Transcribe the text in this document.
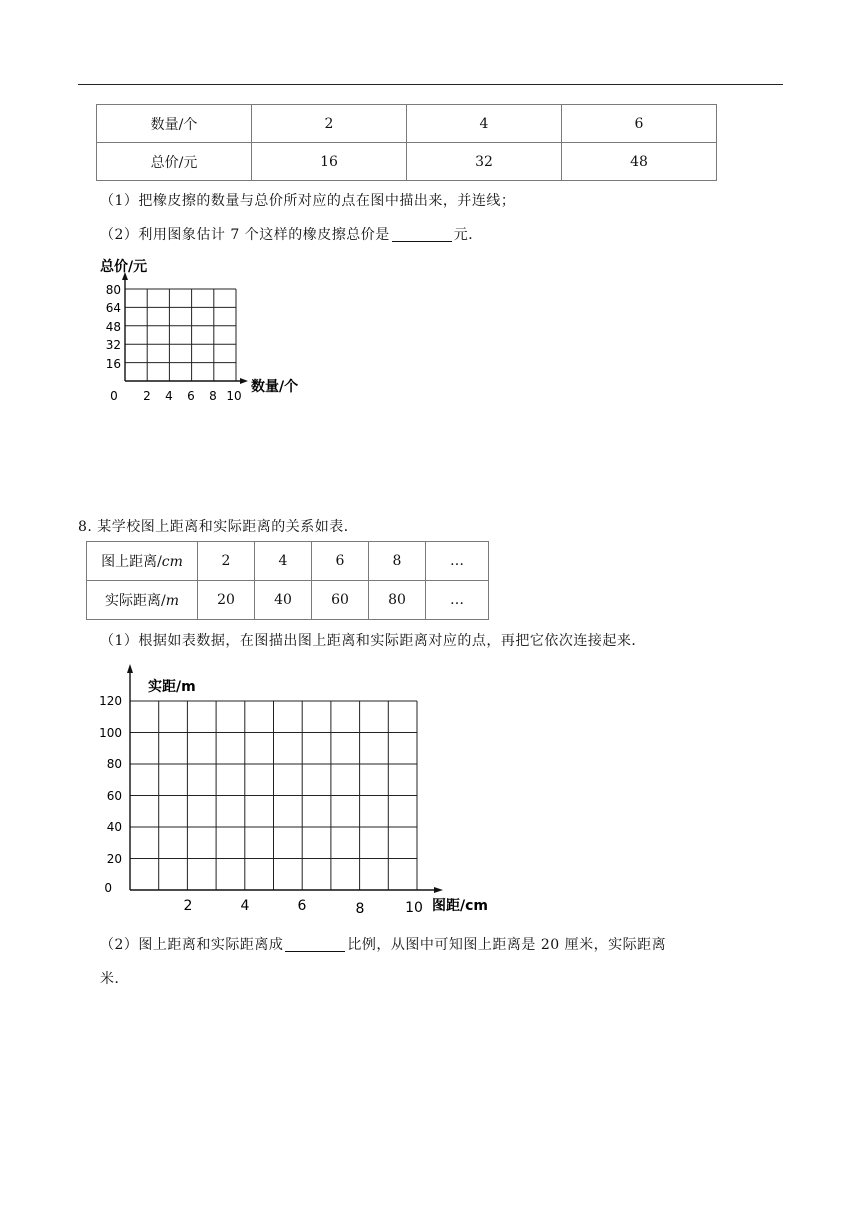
数量/个	2	4	6
总价/元	16	32	48
（1）把橡皮擦的数量与总价所对应的点在图中描出来，并连线；
（2）利用图象估计 7 个这样的橡皮擦总价是	元．
总价/元
80
64
48
32
16
0 2 4 6 8 10
数量/个
8. 某学校图上距离和实际距离的关系如表．
图上距离/cm	2	4	6	8	…
实际距离/m	20	40	60	80	…
（1）根据如表数据，在图描出图上距离和实际距离对应的点，再把它依次连接起来．
实距/m
120
100
80
60
40
20
0
2	4	6	8	10 图距/cm
（2）图上距离和实际距离成	比例，从图中可知图上距离是 20 厘米，实际距离
米．
